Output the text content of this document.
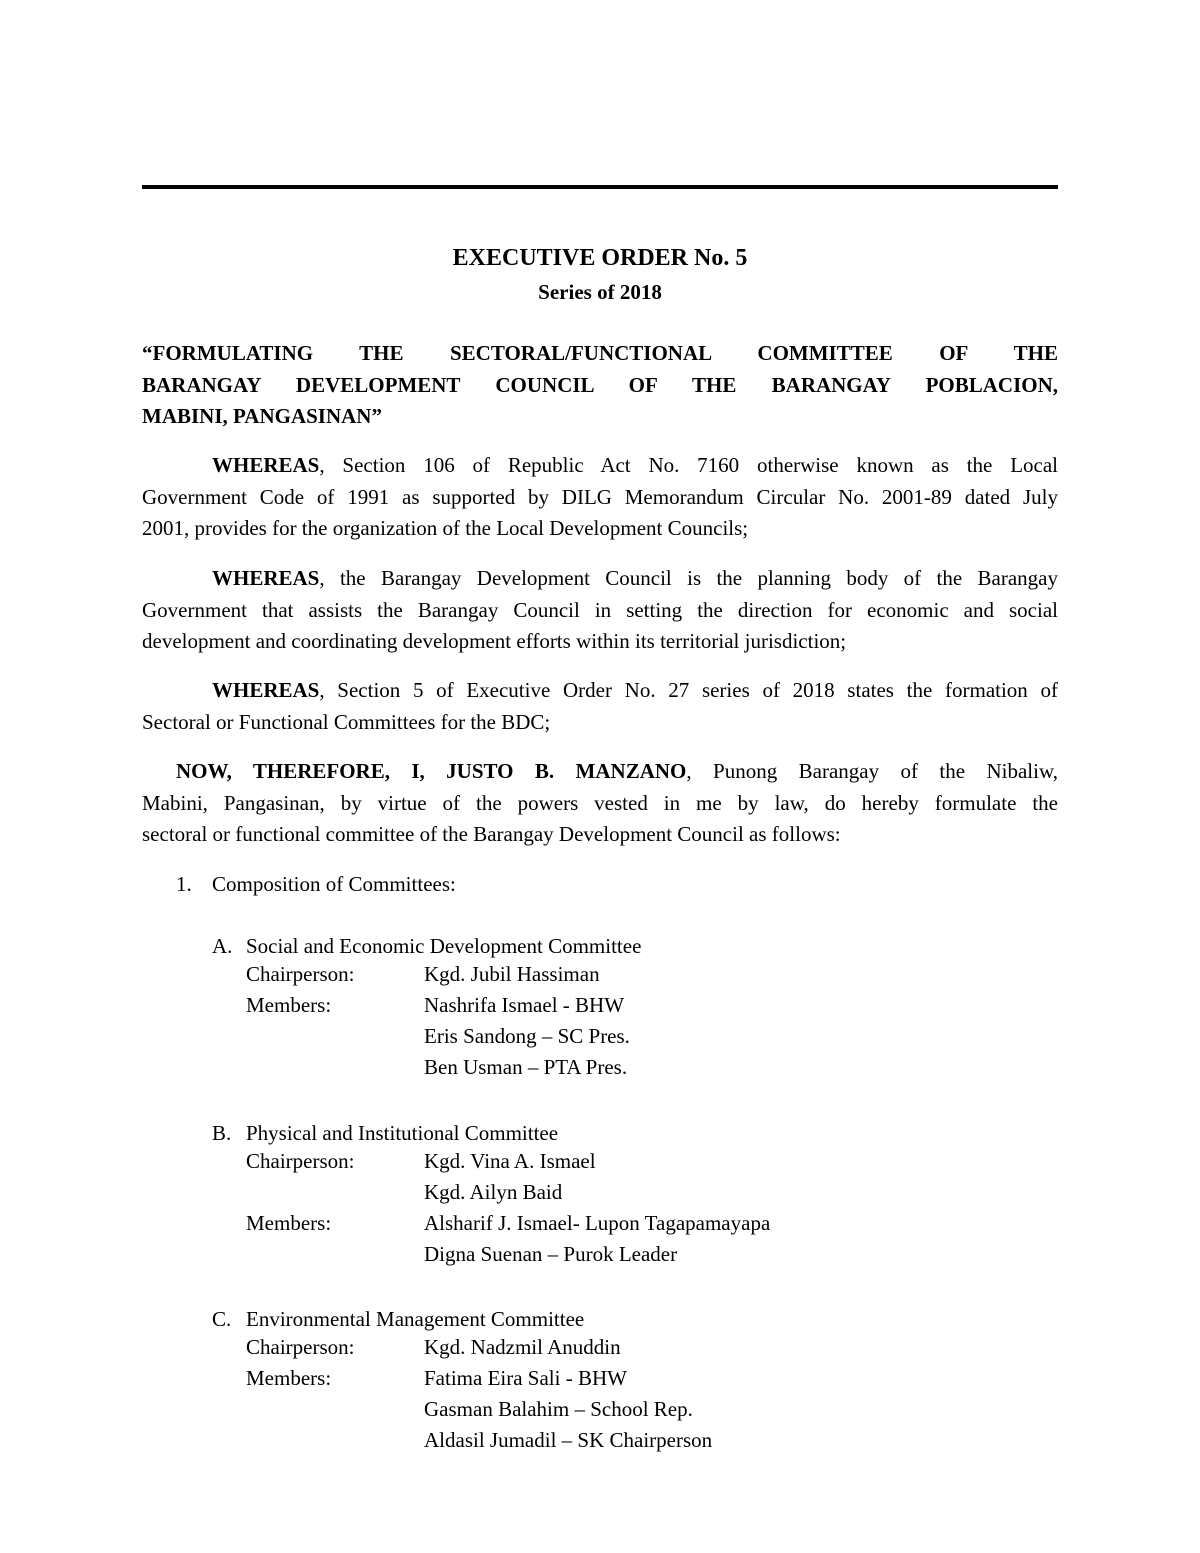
EXECUTIVE ORDER No. 5
Series of 2018
“FORMULATING THE SECTORAL/FUNCTIONAL COMMITTEE OF THE
BARANGAY DEVELOPMENT COUNCIL OF THE BARANGAY POBLACION,
MABINI, PANGASINAN”
WHEREAS, Section 106 of Republic Act No. 7160 otherwise known as the Local
Government Code of 1991 as supported by DILG Memorandum Circular No. 2001-89 dated July
2001, provides for the organization of the Local Development Councils;
WHEREAS, the Barangay Development Council is the planning body of the Barangay
Government that assists the Barangay Council in setting the direction for economic and social
development and coordinating development efforts within its territorial jurisdiction;
WHEREAS, Section 5 of Executive Order No. 27 series of 2018 states the formation of
Sectoral or Functional Committees for the BDC;
NOW, THEREFORE, I, JUSTO B. MANZANO, Punong Barangay of the Nibaliw,
Mabini, Pangasinan, by virtue of the powers vested in me by law, do hereby formulate the
sectoral or functional committee of the Barangay Development Council as follows:
1. Composition of Committees:
A. Social and Economic Development Committee
Chairperson:	Kgd. Jubil Hassiman
Members:	Nashrifa Ismael - BHW
Eris Sandong – SC Pres.
Ben Usman – PTA Pres.
B. Physical and Institutional Committee
Chairperson:	Kgd. Vina A. Ismael
Kgd. Ailyn Baid
Members:	Alsharif J. Ismael- Lupon Tagapamayapa
Digna Suenan – Purok Leader
C. Environmental Management Committee
Chairperson:	Kgd. Nadzmil Anuddin
Members:	Fatima Eira Sali - BHW
Gasman Balahim – School Rep.
Aldasil Jumadil – SK Chairperson
